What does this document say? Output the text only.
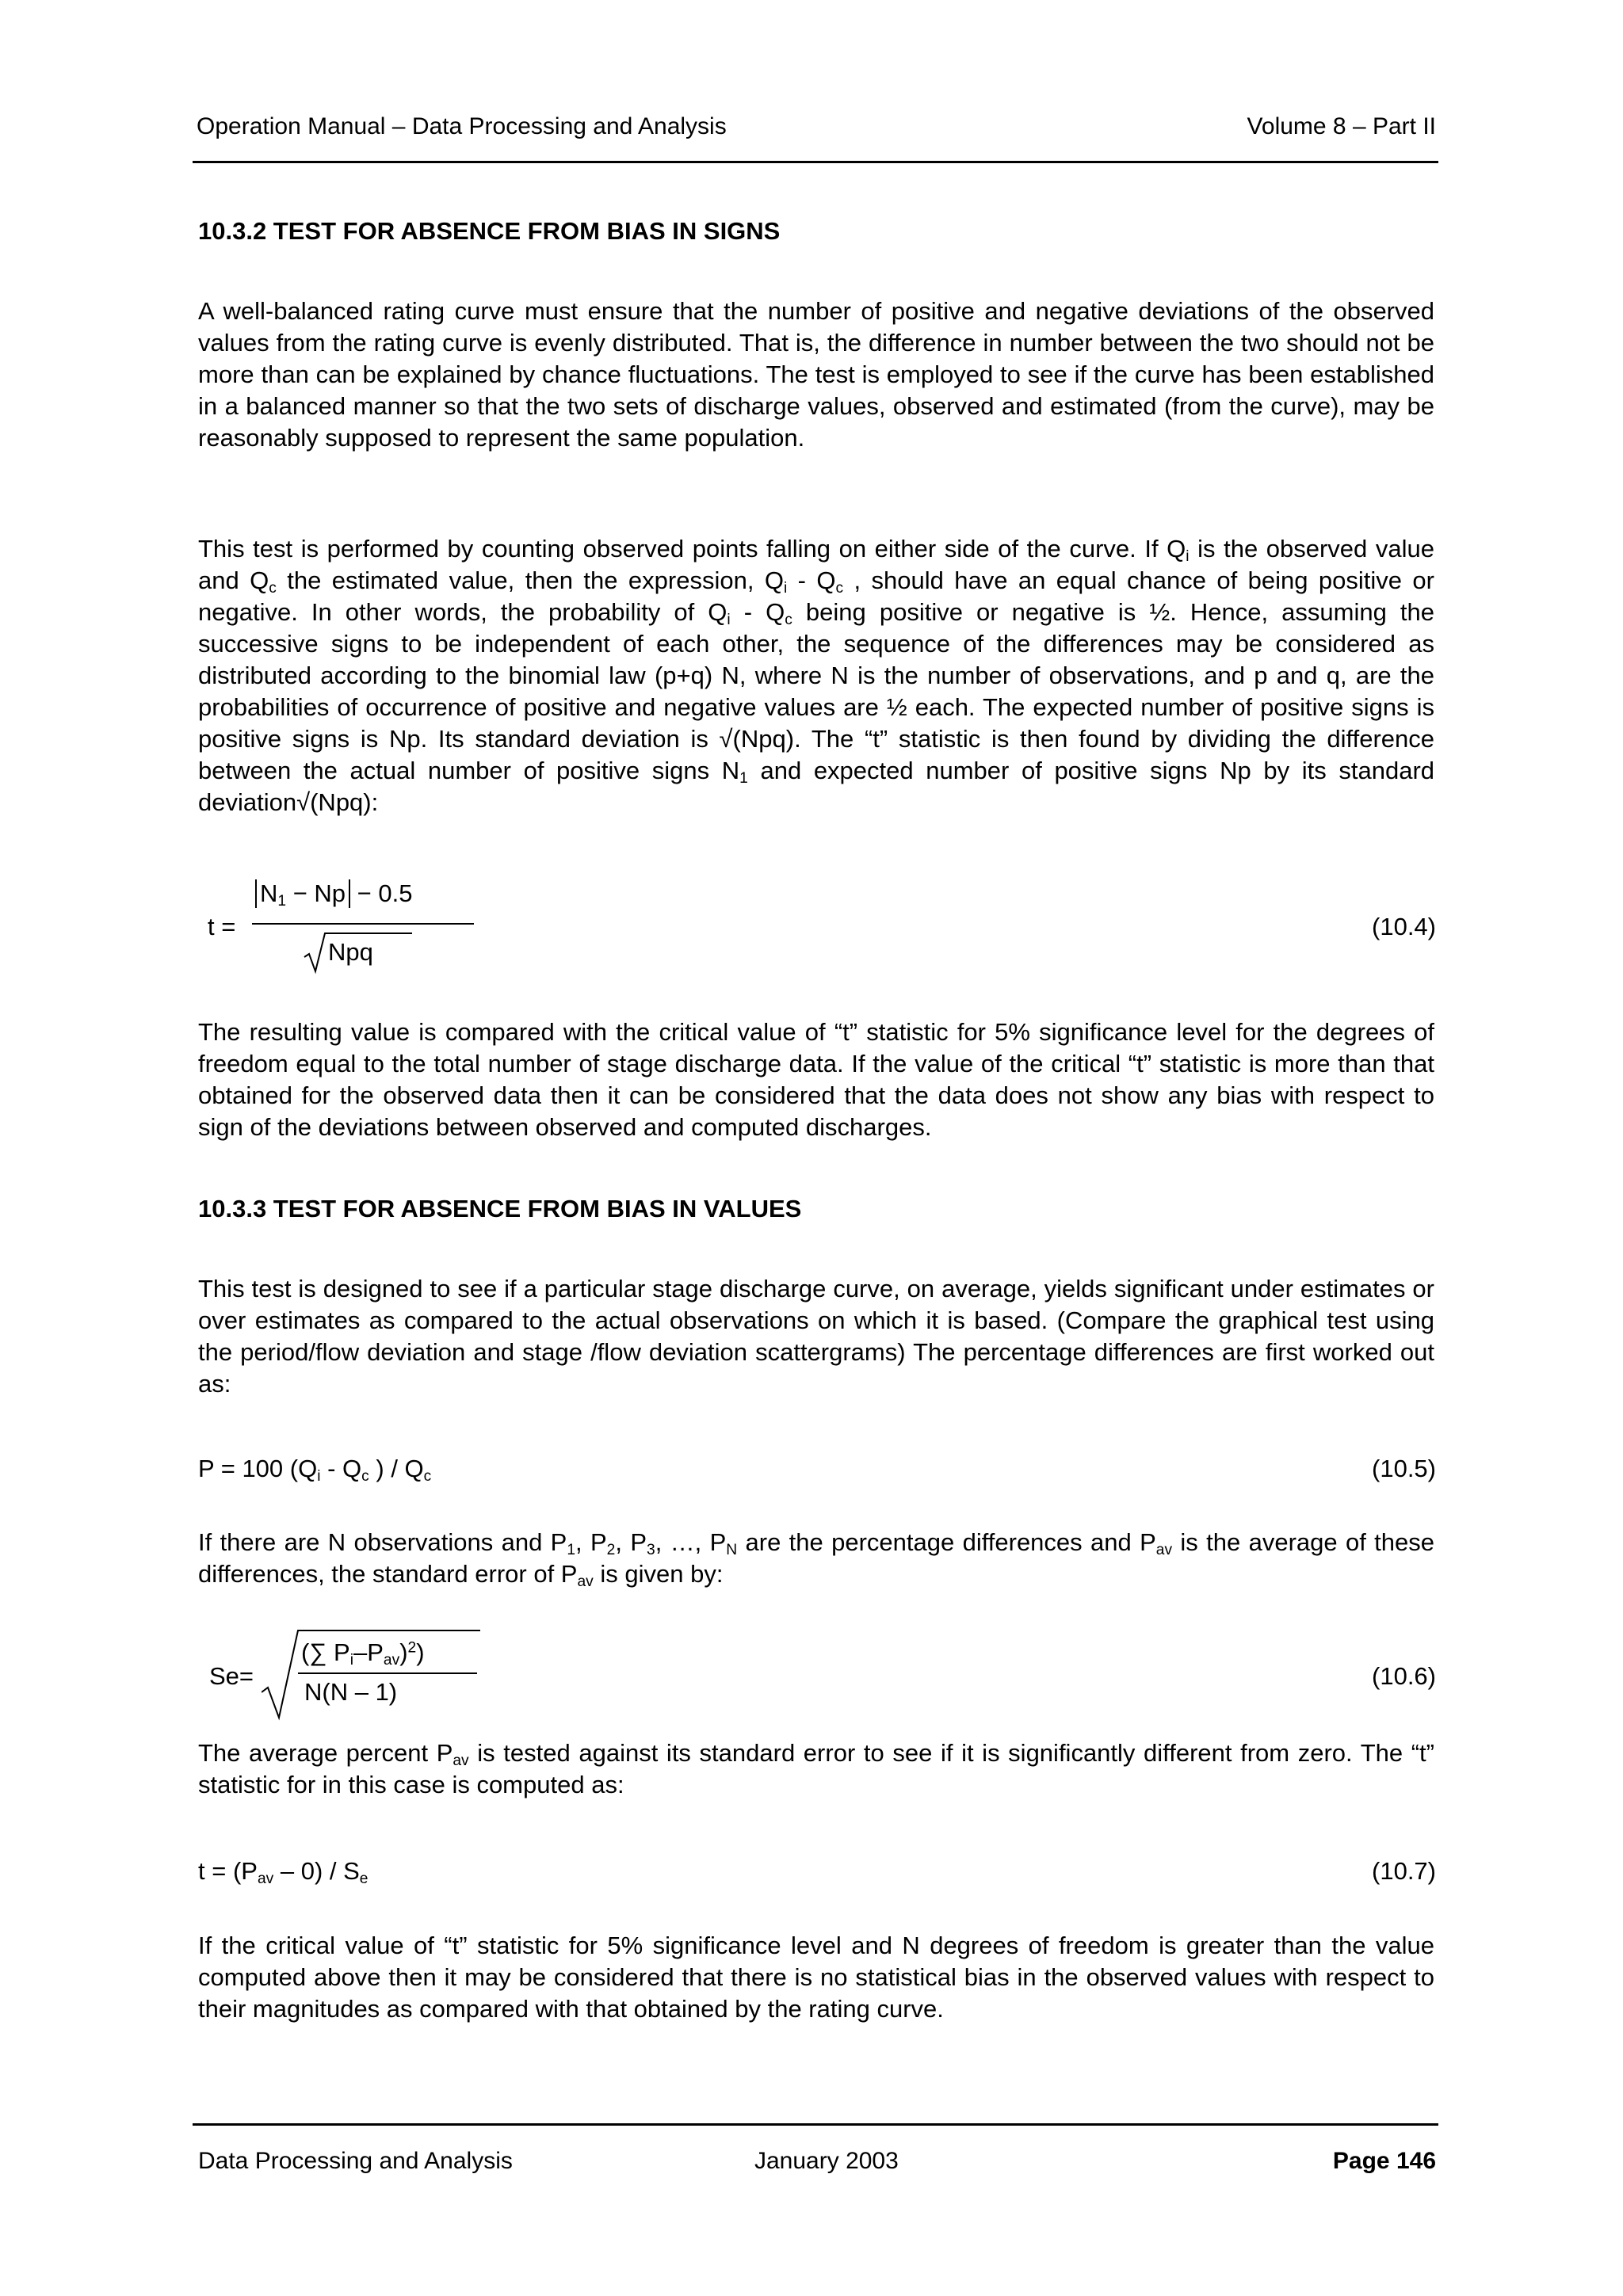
Operation Manual – Data Processing and Analysis	Volume 8 – Part II
10.3.2 TEST FOR ABSENCE FROM BIAS IN SIGNS

A well-balanced rating curve must ensure that the number of positive and negative deviations of the observed values from the rating curve is evenly distributed. That is, the difference in number between the two should not be more than can be explained by chance fluctuations. The test is employed to see if the curve has been established in a balanced manner so that the two sets of discharge values, observed and estimated (from the curve), may be reasonably supposed to represent the same population.

This test is performed by counting observed points falling on either side of the curve. If $Q_i$ is the observed value and $Q_c$ the estimated value, then the expression, $Q_i - Q_c$ , should have an equal chance of being positive or negative. In other words, the probability of $Q_i - Q_c$ being positive or negative is ½. Hence, assuming the successive signs to be independent of each other, the sequence of the differences may be considered as distributed according to the binomial law (p+q) N, where N is the number of observations, and p and q, are the probabilities of occurrence of positive and negative values are ½ each. The expected number of positive signs is positive signs is Np. Its standard deviation is √(Npq). The “t” statistic is then found by dividing the difference between the actual number of positive signs $N_1$ and expected number of positive signs Np by its standard deviation√(Npq):

t =
$N_1 - Np - 0.5$
Npq
(10.4)

The resulting value is compared with the critical value of “t” statistic for 5% significance level for the degrees of freedom equal to the total number of stage discharge data. If the value of the critical “t” statistic is more than that obtained for the observed data then it can be considered that the data does not show any bias with respect to sign of the deviations between observed and computed discharges.

10.3.3 TEST FOR ABSENCE FROM BIAS IN VALUES

This test is designed to see if a particular stage discharge curve, on average, yields significant under estimates or over estimates as compared to the actual observations on which it is based. (Compare the graphical test using the period/flow deviation and stage /flow deviation scattergrams) The percentage differences are first worked out as:

P = 100 ($Q_i - Q_c$ ) / $Q_c$	(10.5)

If there are N observations and $P_1$, $P_2$, $P_3$, …, $P_N$ are the percentage differences and $P_{av}$ is the average of these differences, the standard error of $P_{av}$ is given by:

Se=
(∑ $P_i-P_{av})^2$)
N(N – 1)
(10.6)

The average percent $P_{av}$ is tested against its standard error to see if it is significantly different from zero. The “t” statistic for in this case is computed as:

$t = (P_{av} - 0) / S_e$	(10.7)

If the critical value of “t” statistic for 5% significance level and N degrees of freedom is greater than the value computed above then it may be considered that there is no statistical bias in the observed values with respect to their magnitudes as compared with that obtained by the rating curve.

Data Processing and Analysis	January 2003	Page 146
